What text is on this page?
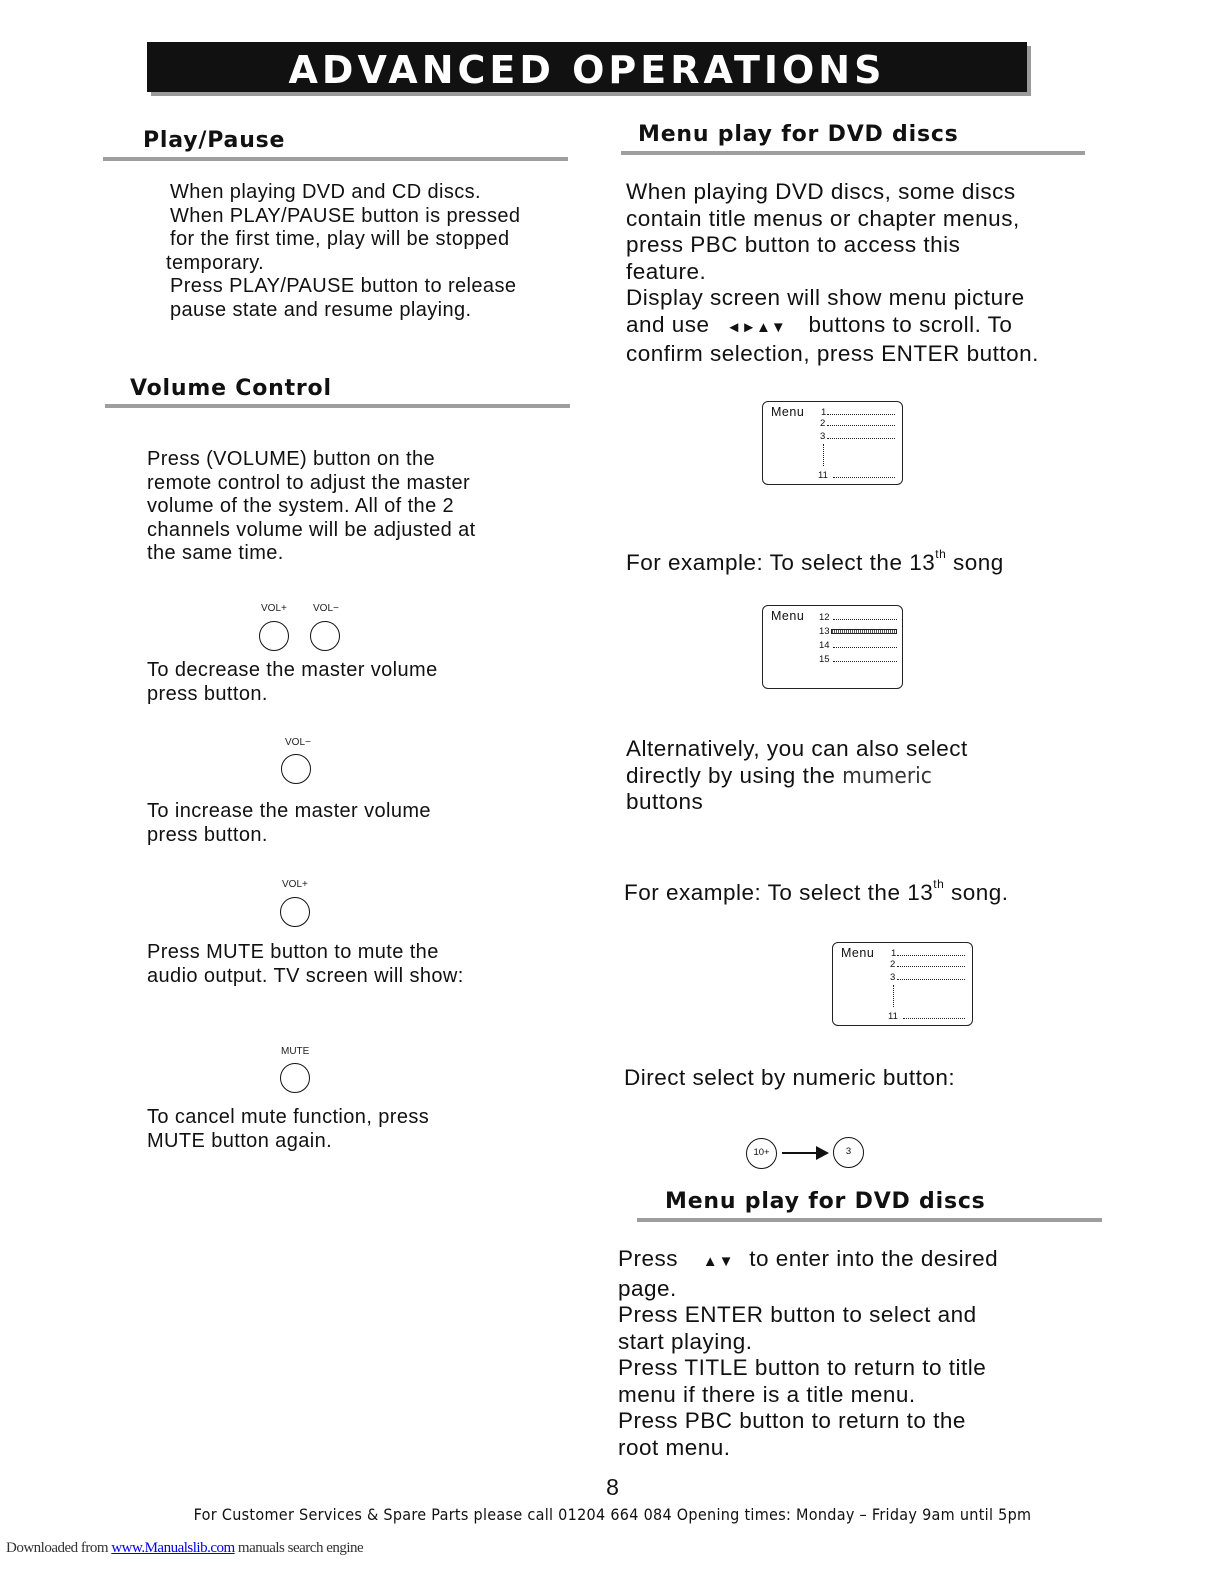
ADVANCED OPERATIONS
Play/Pause
When playing DVD and CD discs.
When PLAY/PAUSE button is pressed
for the first time, play will be stopped
temporary.
Press PLAY/PAUSE button to release
pause state and resume playing.
Volume Control
Press (VOLUME) button on the
remote control to adjust the master
volume of the system. All of the 2
channels volume will be adjusted at
the same time.
VOL+	VOL−
To decrease the master volume
press button.
VOL−
To increase the master volume
press button.
VOL+
Press MUTE button to mute the
audio output. TV screen will show:
MUTE
To cancel mute function, press
MUTE button again.
Menu play for DVD discs
When playing DVD discs, some discs
contain title menus or chapter menus,
press PBC button to access this
feature.
Display screen will show menu picture
and use ◄►▲▼ buttons to scroll. To
confirm selection, press ENTER button.
Menu 1
2
3
11
For example: To select the 13th song
Menu 12
13
14
15
Alternatively, you can also select
directly by using the mumeric
buttons
For example: To select the 13th song.
Menu 1
2
3
11
Direct select by numeric button:
10+	3
Menu play for DVD discs
Press ▲▼ to enter into the desired
page.
Press ENTER button to select and
start playing.
Press TITLE button to return to title
menu if there is a title menu.
Press PBC button to return to the
root menu.
8
For Customer Services & Spare Parts please call 01204 664 084 Opening times: Monday – Friday 9am until 5pm
Downloaded from www.Manualslib.com manuals search engine
